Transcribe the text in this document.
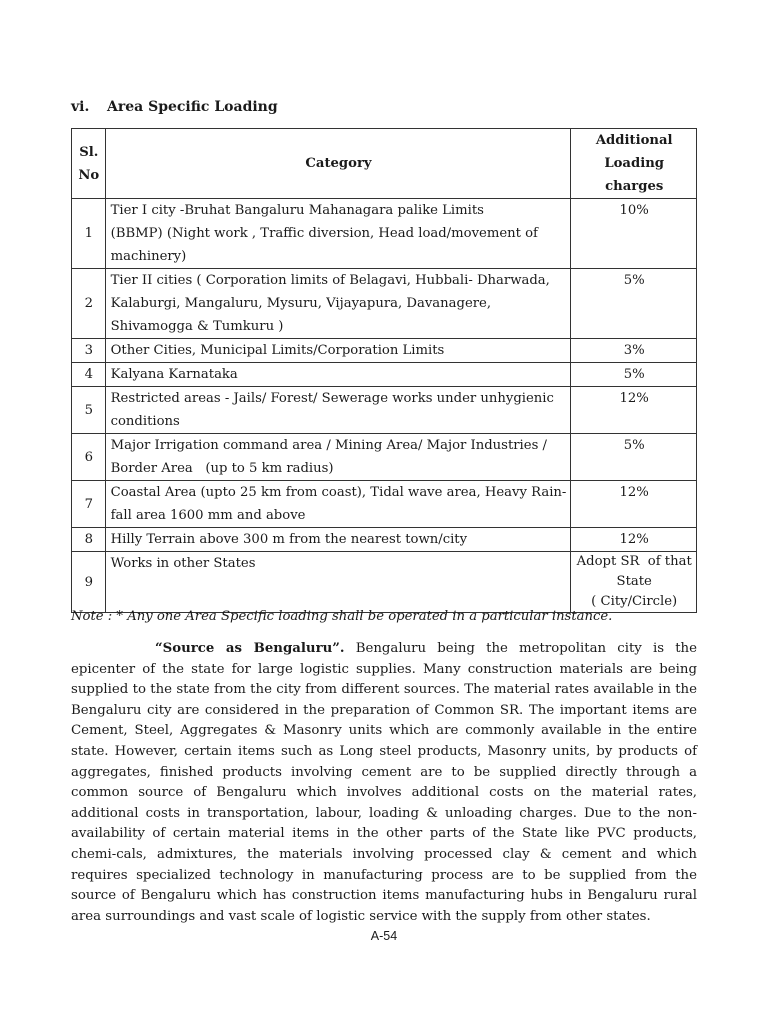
vi. Area Specific Loading
Sl. No	Category	Additional
Loading charges

1	Tier I city -Bruhat Bangaluru Mahanagara palike Limits
(BBMP) (Night work , Traffic diversion, Head load/movement of
machinery)	10%
2	Tier II cities ( Corporation limits of Belagavi, Hubbali- Dharwada,
Kalaburgi, Mangaluru, Mysuru, Vijayapura, Davanagere,
Shivamogga & Tumkuru )	5%
3	Other Cities, Municipal Limits/Corporation Limits	3%
4	Kalyana Karnataka	5%
5	Restricted areas - Jails/ Forest/ Sewerage works under unhygienic
conditions	12%
6	Major Irrigation command area / Mining Area/ Major Industries /
Border Area   (up to 5 km radius)	5%
7	Coastal Area (upto 25 km from coast), Tidal wave area, Heavy Rain-
fall area 1600 mm and above	12%
8	Hilly Terrain above 300 m from the nearest town/city	12%
9	Works in other States	Adopt SR  of that
State
( City/Circle)

Note : * Any one Area Specific loading shall be operated in a particular instance.

“Source as Bengaluru”. Bengaluru being the metropolitan city is the epicenter of the state for large logistic supplies. Many construction materials are being supplied to the state from the city from different sources. The material rates available in the Bengaluru city are considered in the preparation of Common SR. The important items are Cement, Steel, Aggregates & Masonry units which are commonly available in the entire state. However, certain items such as Long steel products, Masonry units, by products of aggregates, finished products involving cement are to be supplied directly through a common source of Bengaluru which involves additional costs on the material rates, additional costs in transportation, labour, loading & unloading charges. Due to the non-availability of certain material items in the other parts of the State like PVC products, chemi-cals, admixtures, the materials involving processed clay & cement and which requires specialized technology in manufacturing process are to be supplied from the source of Bengaluru which has construction items manufacturing hubs in Bengaluru rural area surroundings and vast scale of logistic service with the supply from other states.

A-54
